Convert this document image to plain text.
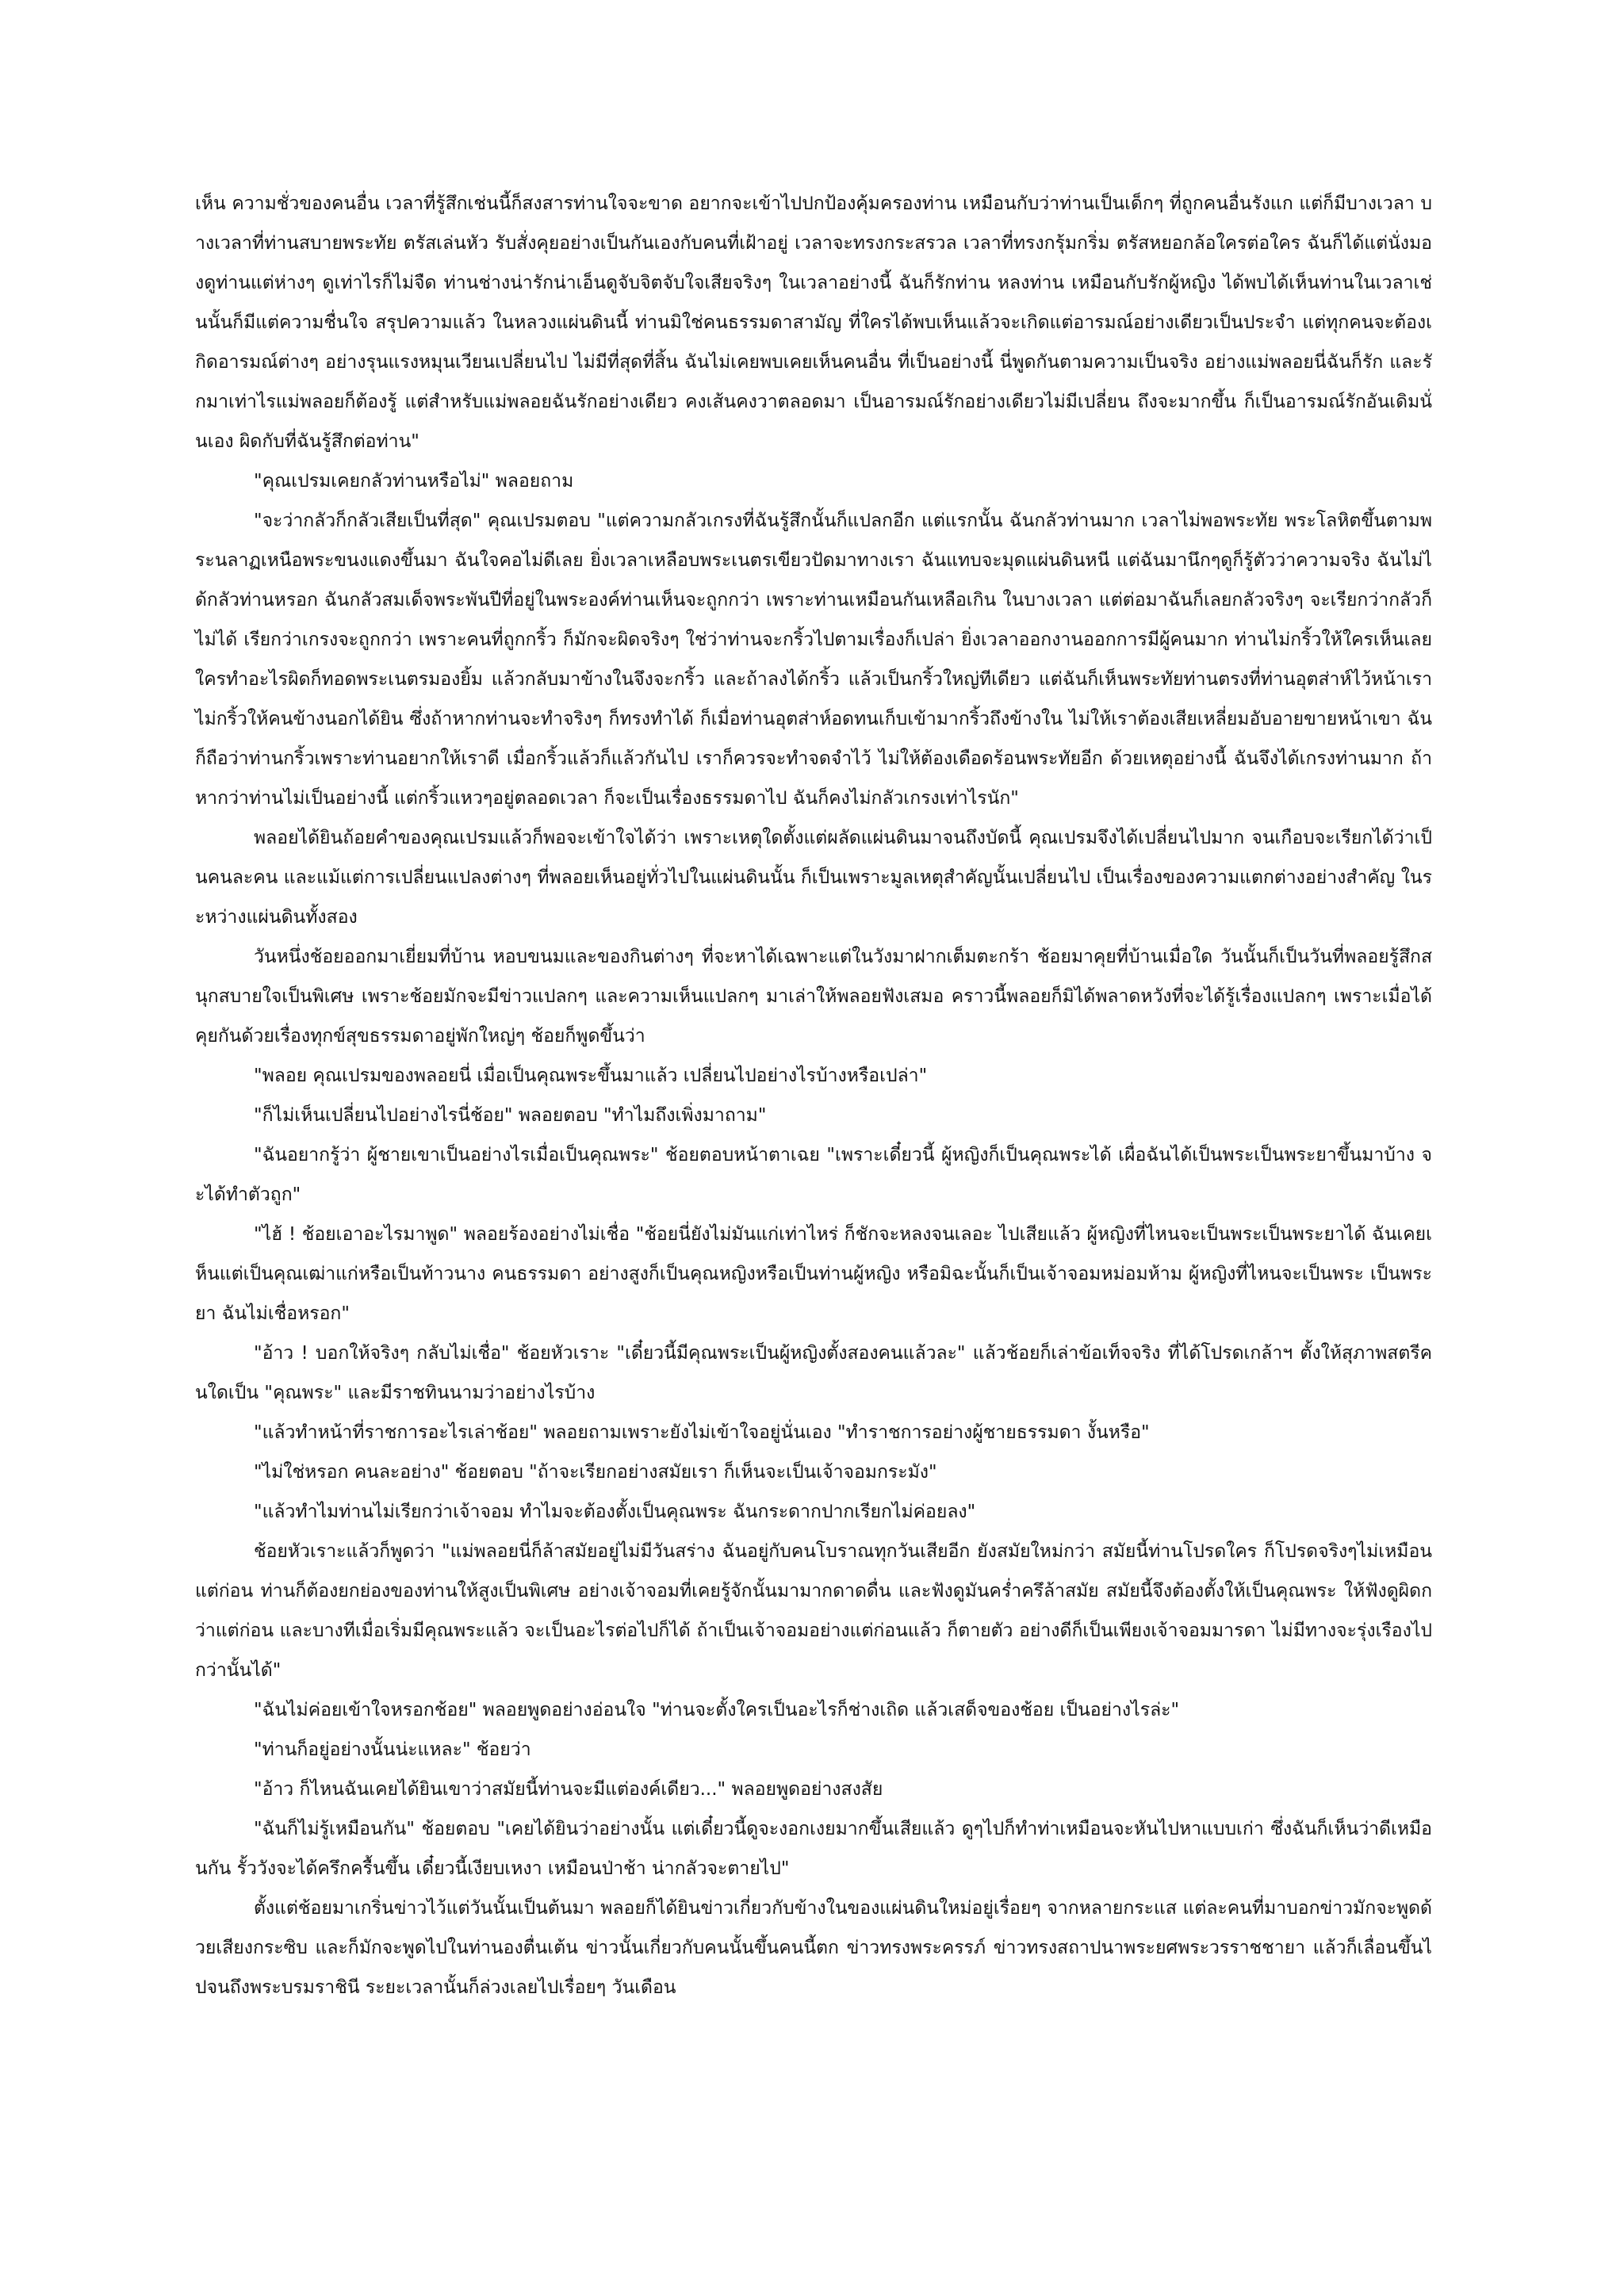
เห็น ความชั่วของคนอื่น เวลาที่รู้สึกเช่นนี้ก็สงสารท่านใจจะขาด อยากจะเข้าไปปกป้องคุ้มครองท่าน เหมือนกับว่าท่านเป็นเด็กๆ ที่ถูกคนอื่นรังแก แต่ก็มีบางเวลา บางเวลาที่ท่านสบายพระทัย ตรัสเล่นหัว รับสั่งคุยอย่างเป็นกันเองกับคนที่เฝ้าอยู่ เวลาจะทรงกระสรวล เวลาที่ทรงกรุ้มกริ่ม ตรัสหยอกล้อใครต่อใคร ฉันก็ได้แต่นั่งมองดูท่านแต่ห่างๆ ดูเท่าไรก็ไม่จืด ท่านช่างน่ารักน่าเอ็นดูจับจิตจับใจเสียจริงๆ ในเวลาอย่างนี้ ฉันก็รักท่าน หลงท่าน เหมือนกับรักผู้หญิง ได้พบได้เห็นท่านในเวลาเช่นนั้นก็มีแต่ความชื่นใจ สรุปความแล้ว ในหลวงแผ่นดินนี้ ท่านมิใช่คนธรรมดาสามัญ ที่ใครได้พบเห็นแล้วจะเกิดแต่อารมณ์อย่างเดียวเป็นประจำ แต่ทุกคนจะต้องเกิดอารมณ์ต่างๆ อย่างรุนแรงหมุนเวียนเปลี่ยนไป ไม่มีที่สุดที่สิ้น ฉันไม่เคยพบเคยเห็นคนอื่น ที่เป็นอย่างนี้ นี่พูดกันตามความเป็นจริง อย่างแม่พลอยนี่ฉันก็รัก และรักมาเท่าไรแม่พลอยก็ต้องรู้ แต่สำหรับแม่พลอยฉันรักอย่างเดียว คงเส้นคงวาตลอดมา เป็นอารมณ์รักอย่างเดียวไม่มีเปลี่ยน ถึงจะมากขึ้น ก็เป็นอารมณ์รักอันเดิมนั่นเอง ผิดกับที่ฉันรู้สึกต่อท่าน"

"คุณเปรมเคยกลัวท่านหรือไม่" พลอยถาม

"จะว่ากลัวก็กลัวเสียเป็นที่สุด" คุณเปรมตอบ "แต่ความกลัวเกรงที่ฉันรู้สึกนั้นก็แปลกอีก แต่แรกนั้น ฉันกลัวท่านมาก เวลาไม่พอพระทัย พระโลหิตขึ้นตามพระนลาฏเหนือพระขนงแดงขึ้นมา ฉันใจคอไม่ดีเลย ยิ่งเวลาเหลือบพระเนตรเขียวปัดมาทางเรา ฉันแทบจะมุดแผ่นดินหนี แต่ฉันมานึกๆดูก็รู้ตัวว่าความจริง ฉันไม่ได้กลัวท่านหรอก ฉันกลัวสมเด็จพระพันปีที่อยู่ในพระองค์ท่านเห็นจะถูกกว่า เพราะท่านเหมือนกันเหลือเกิน ในบางเวลา แต่ต่อมาฉันก็เลยกลัวจริงๆ จะเรียกว่ากลัวก็ไม่ได้ เรียกว่าเกรงจะถูกกว่า เพราะคนที่ถูกกริ้ว ก็มักจะผิดจริงๆ ใช่ว่าท่านจะกริ้วไปตามเรื่องก็เปล่า ยิ่งเวลาออกงานออกการมีผู้คนมาก ท่านไม่กริ้วให้ใครเห็นเลย ใครทำอะไรผิดก็ทอดพระเนตรมองยิ้ม แล้วกลับมาข้างในจึงจะกริ้ว และถ้าลงได้กริ้ว แล้วเป็นกริ้วใหญ่ทีเดียว แต่ฉันก็เห็นพระทัยท่านตรงที่ท่านอุตส่าห์ไว้หน้าเรา ไม่กริ้วให้คนข้างนอกได้ยิน ซึ่งถ้าหากท่านจะทำจริงๆ ก็ทรงทำได้ ก็เมื่อท่านอุตส่าห์อดทนเก็บเข้ามากริ้วถึงข้างใน ไม่ให้เราต้องเสียเหลี่ยมอับอายขายหน้าเขา ฉันก็ถือว่าท่านกริ้วเพราะท่านอยากให้เราดี เมื่อกริ้วแล้วก็แล้วกันไป เราก็ควรจะทำจดจำไว้ ไม่ให้ต้องเดือดร้อนพระทัยอีก ด้วยเหตุอย่างนี้ ฉันจึงได้เกรงท่านมาก ถ้าหากว่าท่านไม่เป็นอย่างนี้ แต่กริ้วแหวๆอยู่ตลอดเวลา ก็จะเป็นเรื่องธรรมดาไป ฉันก็คงไม่กลัวเกรงเท่าไรนัก"

พลอยได้ยินถ้อยคำของคุณเปรมแล้วก็พอจะเข้าใจได้ว่า เพราะเหตุใดตั้งแต่ผลัดแผ่นดินมาจนถึงบัดนี้ คุณเปรมจึงได้เปลี่ยนไปมาก จนเกือบจะเรียกได้ว่าเป็นคนละคน และแม้แต่การเปลี่ยนแปลงต่างๆ ที่พลอยเห็นอยู่ทั่วไปในแผ่นดินนั้น ก็เป็นเพราะมูลเหตุสำคัญนั้นเปลี่ยนไป เป็นเรื่องของความแตกต่างอย่างสำคัญ ในระหว่างแผ่นดินทั้งสอง

วันหนึ่งช้อยออกมาเยี่ยมที่บ้าน หอบขนมและของกินต่างๆ ที่จะหาได้เฉพาะแต่ในวังมาฝากเต็มตะกร้า ช้อยมาคุยที่บ้านเมื่อใด วันนั้นก็เป็นวันที่พลอยรู้สึกสนุกสบายใจเป็นพิเศษ เพราะช้อยมักจะมีข่าวแปลกๆ และความเห็นแปลกๆ มาเล่าให้พลอยฟังเสมอ คราวนี้พลอยก็มิได้พลาดหวังที่จะได้รู้เรื่องแปลกๆ เพราะเมื่อได้คุยกันด้วยเรื่องทุกข์สุขธรรมดาอยู่พักใหญ่ๆ ช้อยก็พูดขึ้นว่า

"พลอย คุณเปรมของพลอยนี่ เมื่อเป็นคุณพระขึ้นมาแล้ว เปลี่ยนไปอย่างไรบ้างหรือเปล่า"

"ก็ไม่เห็นเปลี่ยนไปอย่างไรนี่ช้อย" พลอยตอบ "ทำไมถึงเพิ่งมาถาม"

"ฉันอยากรู้ว่า ผู้ชายเขาเป็นอย่างไรเมื่อเป็นคุณพระ" ช้อยตอบหน้าตาเฉย "เพราะเดี๋ยวนี้ ผู้หญิงก็เป็นคุณพระได้ เผื่อฉันได้เป็นพระเป็นพระยาขึ้นมาบ้าง จะได้ทำตัวถูก"

"ไฮ้ ! ช้อยเอาอะไรมาพูด" พลอยร้องอย่างไม่เชื่อ "ช้อยนี่ยังไม่มันแก่เท่าไหร่ ก็ชักจะหลงจนเลอะ ไปเสียแล้ว ผู้หญิงที่ไหนจะเป็นพระเป็นพระยาได้ ฉันเคยเห็นแต่เป็นคุณเฒ่าแก่หรือเป็นท้าวนาง คนธรรมดา อย่างสูงก็เป็นคุณหญิงหรือเป็นท่านผู้หญิง หรือมิฉะนั้นก็เป็นเจ้าจอมหม่อมห้าม ผู้หญิงที่ไหนจะเป็นพระ เป็นพระยา ฉันไม่เชื่อหรอก"

"อ้าว ! บอกให้จริงๆ กลับไม่เชื่อ" ช้อยหัวเราะ "เดี๋ยวนี้มีคุณพระเป็นผู้หญิงตั้งสองคนแล้วละ" แล้วช้อยก็เล่าข้อเท็จจริง ที่ได้โปรดเกล้าฯ ตั้งให้สุภาพสตรีคนใดเป็น "คุณพระ" และมีราชทินนามว่าอย่างไรบ้าง

"แล้วทำหน้าที่ราชการอะไรเล่าช้อย" พลอยถามเพราะยังไม่เข้าใจอยู่นั่นเอง "ทำราชการอย่างผู้ชายธรรมดา งั้นหรือ"

"ไม่ใช่หรอก คนละอย่าง" ช้อยตอบ "ถ้าจะเรียกอย่างสมัยเรา ก็เห็นจะเป็นเจ้าจอมกระมัง"

"แล้วทำไมท่านไม่เรียกว่าเจ้าจอม ทำไมจะต้องตั้งเป็นคุณพระ ฉันกระดากปากเรียกไม่ค่อยลง"

ช้อยหัวเราะแล้วก็พูดว่า "แม่พลอยนี่ก็ล้าสมัยอยู่ไม่มีวันสร่าง ฉันอยู่กับคนโบราณทุกวันเสียอีก ยังสมัยใหม่กว่า สมัยนี้ท่านโปรดใคร ก็โปรดจริงๆไม่เหมือนแต่ก่อน ท่านก็ต้องยกย่องของท่านให้สูงเป็นพิเศษ อย่างเจ้าจอมที่เคยรู้จักนั้นมามากดาดดื่น และฟังดูมันคร่ำครึล้าสมัย สมัยนี้จึงต้องตั้งให้เป็นคุณพระ ให้ฟังดูผิดกว่าแต่ก่อน และบางทีเมื่อเริ่มมีคุณพระแล้ว จะเป็นอะไรต่อไปก็ได้ ถ้าเป็นเจ้าจอมอย่างแต่ก่อนแล้ว ก็ตายตัว อย่างดีก็เป็นเพียงเจ้าจอมมารดา ไม่มีทางจะรุ่งเรืองไปกว่านั้นได้"

"ฉันไม่ค่อยเข้าใจหรอกช้อย" พลอยพูดอย่างอ่อนใจ "ท่านจะตั้งใครเป็นอะไรก็ช่างเถิด แล้วเสด็จของช้อย เป็นอย่างไรล่ะ"

"ท่านก็อยู่อย่างนั้นน่ะแหละ" ช้อยว่า

"อ้าว ก็ไหนฉันเคยได้ยินเขาว่าสมัยนี้ท่านจะมีแต่องค์เดียว..." พลอยพูดอย่างสงสัย

"ฉันก็ไม่รู้เหมือนกัน" ช้อยตอบ "เคยได้ยินว่าอย่างนั้น แต่เดี๋ยวนี้ดูจะงอกเงยมากขึ้นเสียแล้ว ดูๆไปก็ทำท่าเหมือนจะหันไปหาแบบเก่า ซึ่งฉันก็เห็นว่าดีเหมือนกัน รั้ววังจะได้ครึกครื้นขึ้น เดี๋ยวนี้เงียบเหงา เหมือนป่าช้า น่ากลัวจะตายไป"

ตั้งแต่ช้อยมาเกริ่นข่าวไว้แต่วันนั้นเป็นต้นมา พลอยก็ได้ยินข่าวเกี่ยวกับข้างในของแผ่นดินใหม่อยู่เรื่อยๆ จากหลายกระแส แต่ละคนที่มาบอกข่าวมักจะพูดด้วยเสียงกระซิบ และก็มักจะพูดไปในท่านองตื่นเต้น ข่าวนั้นเกี่ยวกับคนนั้นขึ้นคนนี้ตก ข่าวทรงพระครรภ์ ข่าวทรงสถาปนาพระยศพระวรราชชายา แล้วก็เลื่อนขึ้นไปจนถึงพระบรมราชินี ระยะเวลานั้นก็ล่วงเลยไปเรื่อยๆ วันเดือน
